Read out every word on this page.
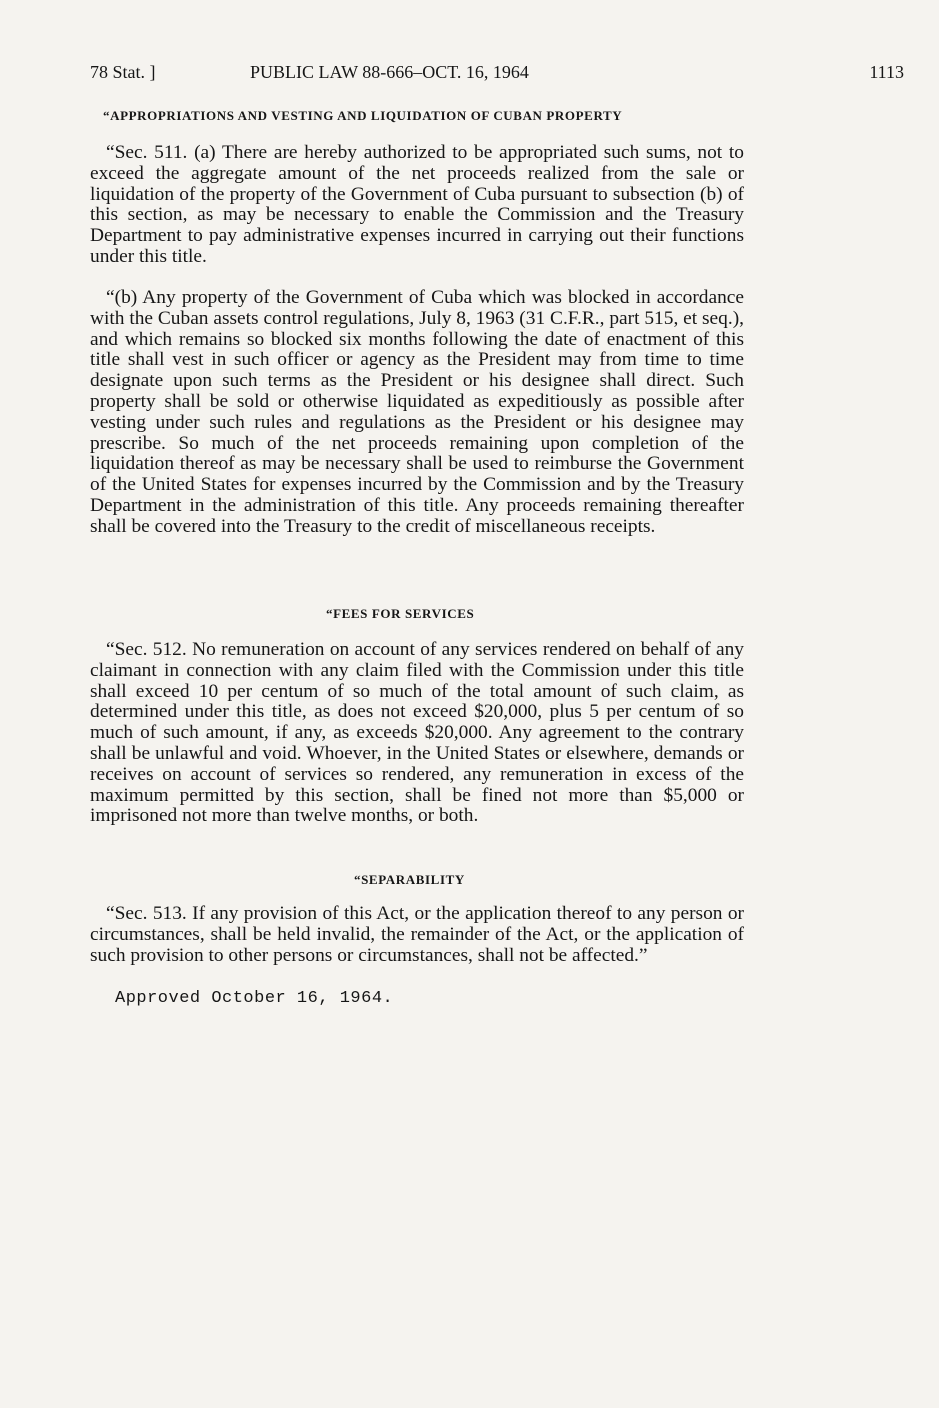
78 Stat. ]	PUBLIC LAW 88-666–OCT. 16, 1964	1113
“APPROPRIATIONS AND VESTING AND LIQUIDATION OF CUBAN PROPERTY

“Sec. 511. (a) There are hereby authorized to be appropriated such sums, not to exceed the aggregate amount of the net proceeds realized from the sale or liquidation of the property of the Government of Cuba pursuant to subsection (b) of this section, as may be necessary to enable the Commission and the Treasury Department to pay administrative expenses incurred in carrying out their functions under this title.

“(b) Any property of the Government of Cuba which was blocked in accordance with the Cuban assets control regulations, July 8, 1963 (31 C.F.R., part 515, et seq.), and which remains so blocked six months following the date of enactment of this title shall vest in such officer or agency as the President may from time to time designate upon such terms as the President or his designee shall direct. Such property shall be sold or otherwise liquidated as expeditiously as possible after vesting under such rules and regulations as the President or his designee may prescribe. So much of the net proceeds remaining upon completion of the liquidation thereof as may be necessary shall be used to reimburse the Government of the United States for expenses incurred by the Commission and by the Treasury Department in the administration of this title. Any proceeds remaining thereafter shall be covered into the Treasury to the credit of miscellaneous receipts.

“FEES FOR SERVICES

“Sec. 512. No remuneration on account of any services rendered on behalf of any claimant in connection with any claim filed with the Commission under this title shall exceed 10 per centum of so much of the total amount of such claim, as determined under this title, as does not exceed $20,000, plus 5 per centum of so much of such amount, if any, as exceeds $20,000. Any agreement to the contrary shall be unlawful and void. Whoever, in the United States or elsewhere, demands or receives on account of services so rendered, any remuneration in excess of the maximum permitted by this section, shall be fined not more than $5,000 or imprisoned not more than twelve months, or both.

“SEPARABILITY

“Sec. 513. If any provision of this Act, or the application thereof to any person or circumstances, shall be held invalid, the remainder of the Act, or the application of such provision to other persons or circumstances, shall not be affected.”

Approved October 16, 1964.
